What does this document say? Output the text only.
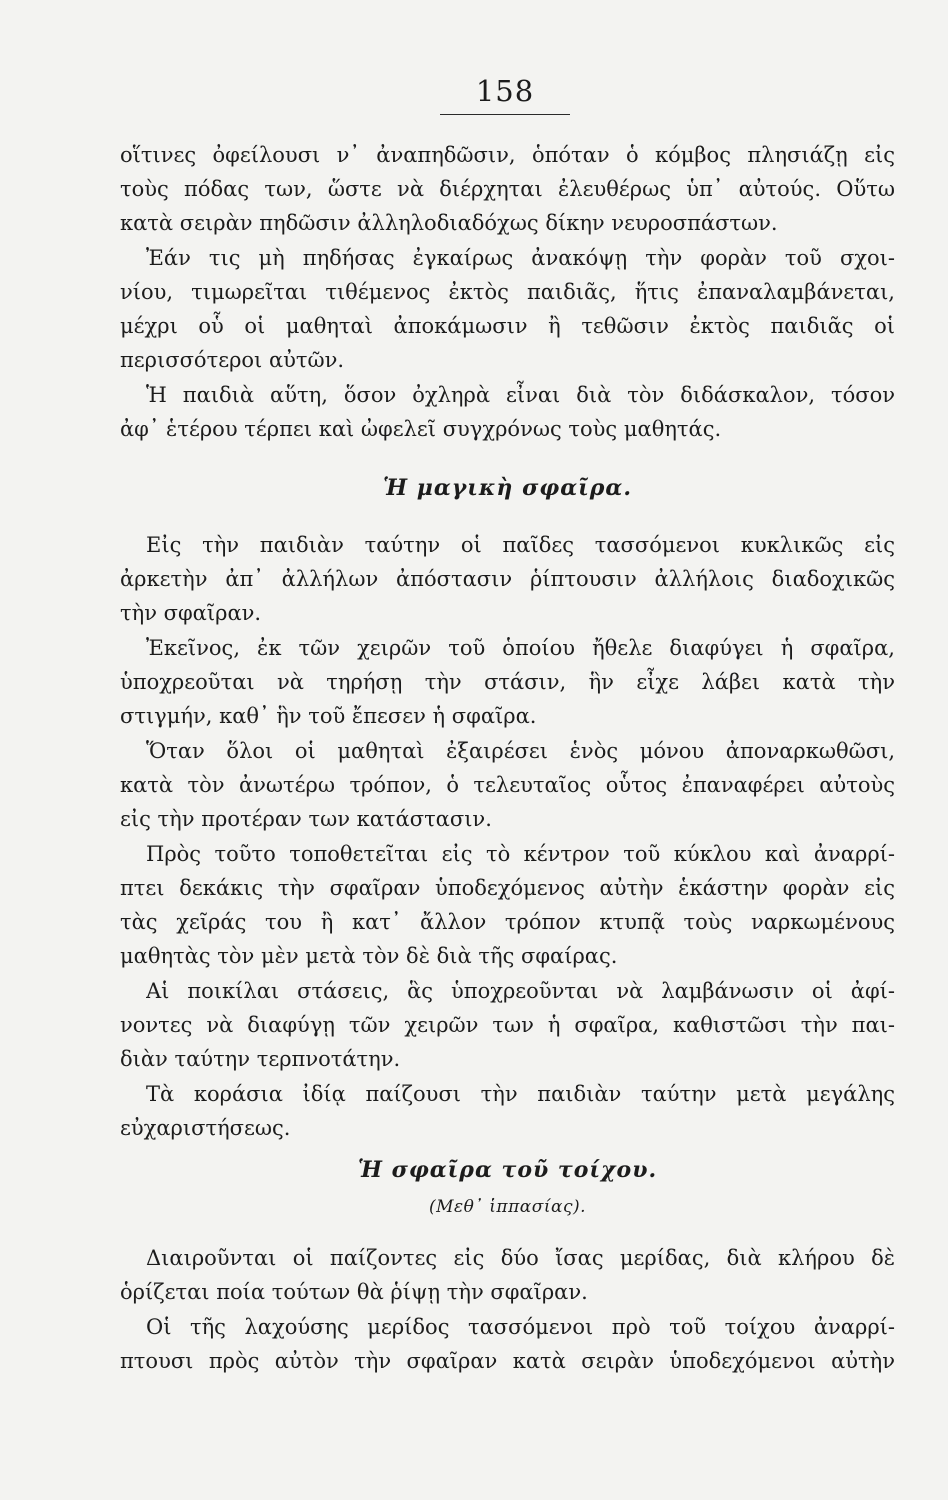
158
οἵτινες ὀφείλουσι ν᾽ ἀναπηδῶσιν, ὁπόταν ὁ κόμβος πλησιάζῃ εἰς
τοὺς πόδας των, ὥστε νὰ διέρχηται ἐλευθέρως ὑπ᾽ αὐτούς. Οὕτω
κατὰ σειρὰν πηδῶσιν ἀλληλοδιαδόχως δίκην νευροσπάστων.
Ἐάν τις μὴ πηδήσας ἐγκαίρως ἀνακόψῃ τὴν φορὰν τοῦ σχοι-
νίου, τιμωρεῖται τιθέμενος ἐκτὸς παιδιᾶς, ἥτις ἐπαναλαμβάνεται,
μέχρι οὗ οἱ μαθηταὶ ἀποκάμωσιν ἢ τεθῶσιν ἐκτὸς παιδιᾶς οἱ
περισσότεροι αὐτῶν.
Ἡ παιδιὰ αὕτη, ὅσον ὀχληρὰ εἶναι διὰ τὸν διδάσκαλον, τόσον
ἀφ᾽ ἑτέρου τέρπει καὶ ὠφελεῖ συγχρόνως τοὺς μαθητάς.
Ἡ μαγικὴ σφαῖρα.
Εἰς τὴν παιδιὰν ταύτην οἱ παῖδες τασσόμενοι κυκλικῶς εἰς
ἀρκετὴν ἀπ᾽ ἀλλήλων ἀπόστασιν ῥίπτουσιν ἀλλήλοις διαδοχικῶς
τὴν σφαῖραν.
Ἐκεῖνος, ἐκ τῶν χειρῶν τοῦ ὁποίου ἤθελε διαφύγει ἡ σφαῖρα,
ὑποχρεοῦται νὰ τηρήσῃ τὴν στάσιν, ἣν εἶχε λάβει κατὰ τὴν
στιγμήν, καθ᾽ ἣν τοῦ ἔπεσεν ἡ σφαῖρα.
Ὅταν ὅλοι οἱ μαθηταὶ ἐξαιρέσει ἑνὸς μόνου ἀποναρκωθῶσι,
κατὰ τὸν ἀνωτέρω τρόπον, ὁ τελευταῖος οὗτος ἐπαναφέρει αὐτοὺς
εἰς τὴν προτέραν των κατάστασιν.
Πρὸς τοῦτο τοποθετεῖται εἰς τὸ κέντρον τοῦ κύκλου καὶ ἀναρρί-
πτει δεκάκις τὴν σφαῖραν ὑποδεχόμενος αὐτὴν ἑκάστην φορὰν εἰς
τὰς χεῖράς του ἢ κατ᾽ ἄλλον τρόπον κτυπᾷ τοὺς ναρκωμένους
μαθητὰς τὸν μὲν μετὰ τὸν δὲ διὰ τῆς σφαίρας.
Αἱ ποικίλαι στάσεις, ἃς ὑποχρεοῦνται νὰ λαμβάνωσιν οἱ ἀφί-
νοντες νὰ διαφύγῃ τῶν χειρῶν των ἡ σφαῖρα, καθιστῶσι τὴν παι-
διὰν ταύτην τερπνοτάτην.
Τὰ κοράσια ἰδίᾳ παίζουσι τὴν παιδιὰν ταύτην μετὰ μεγάλης
εὐχαριστήσεως.
Ἡ σφαῖρα τοῦ τοίχου.
(Μεθ᾽ ἱππασίας).
Διαιροῦνται οἱ παίζοντες εἰς δύο ἴσας μερίδας, διὰ κλήρου δὲ
ὁρίζεται ποία τούτων θὰ ῥίψῃ τὴν σφαῖραν.
Οἱ τῆς λαχούσης μερίδος τασσόμενοι πρὸ τοῦ τοίχου ἀναρρί-
πτουσι πρὸς αὐτὸν τὴν σφαῖραν κατὰ σειρὰν ὑποδεχόμενοι αὐτὴν
